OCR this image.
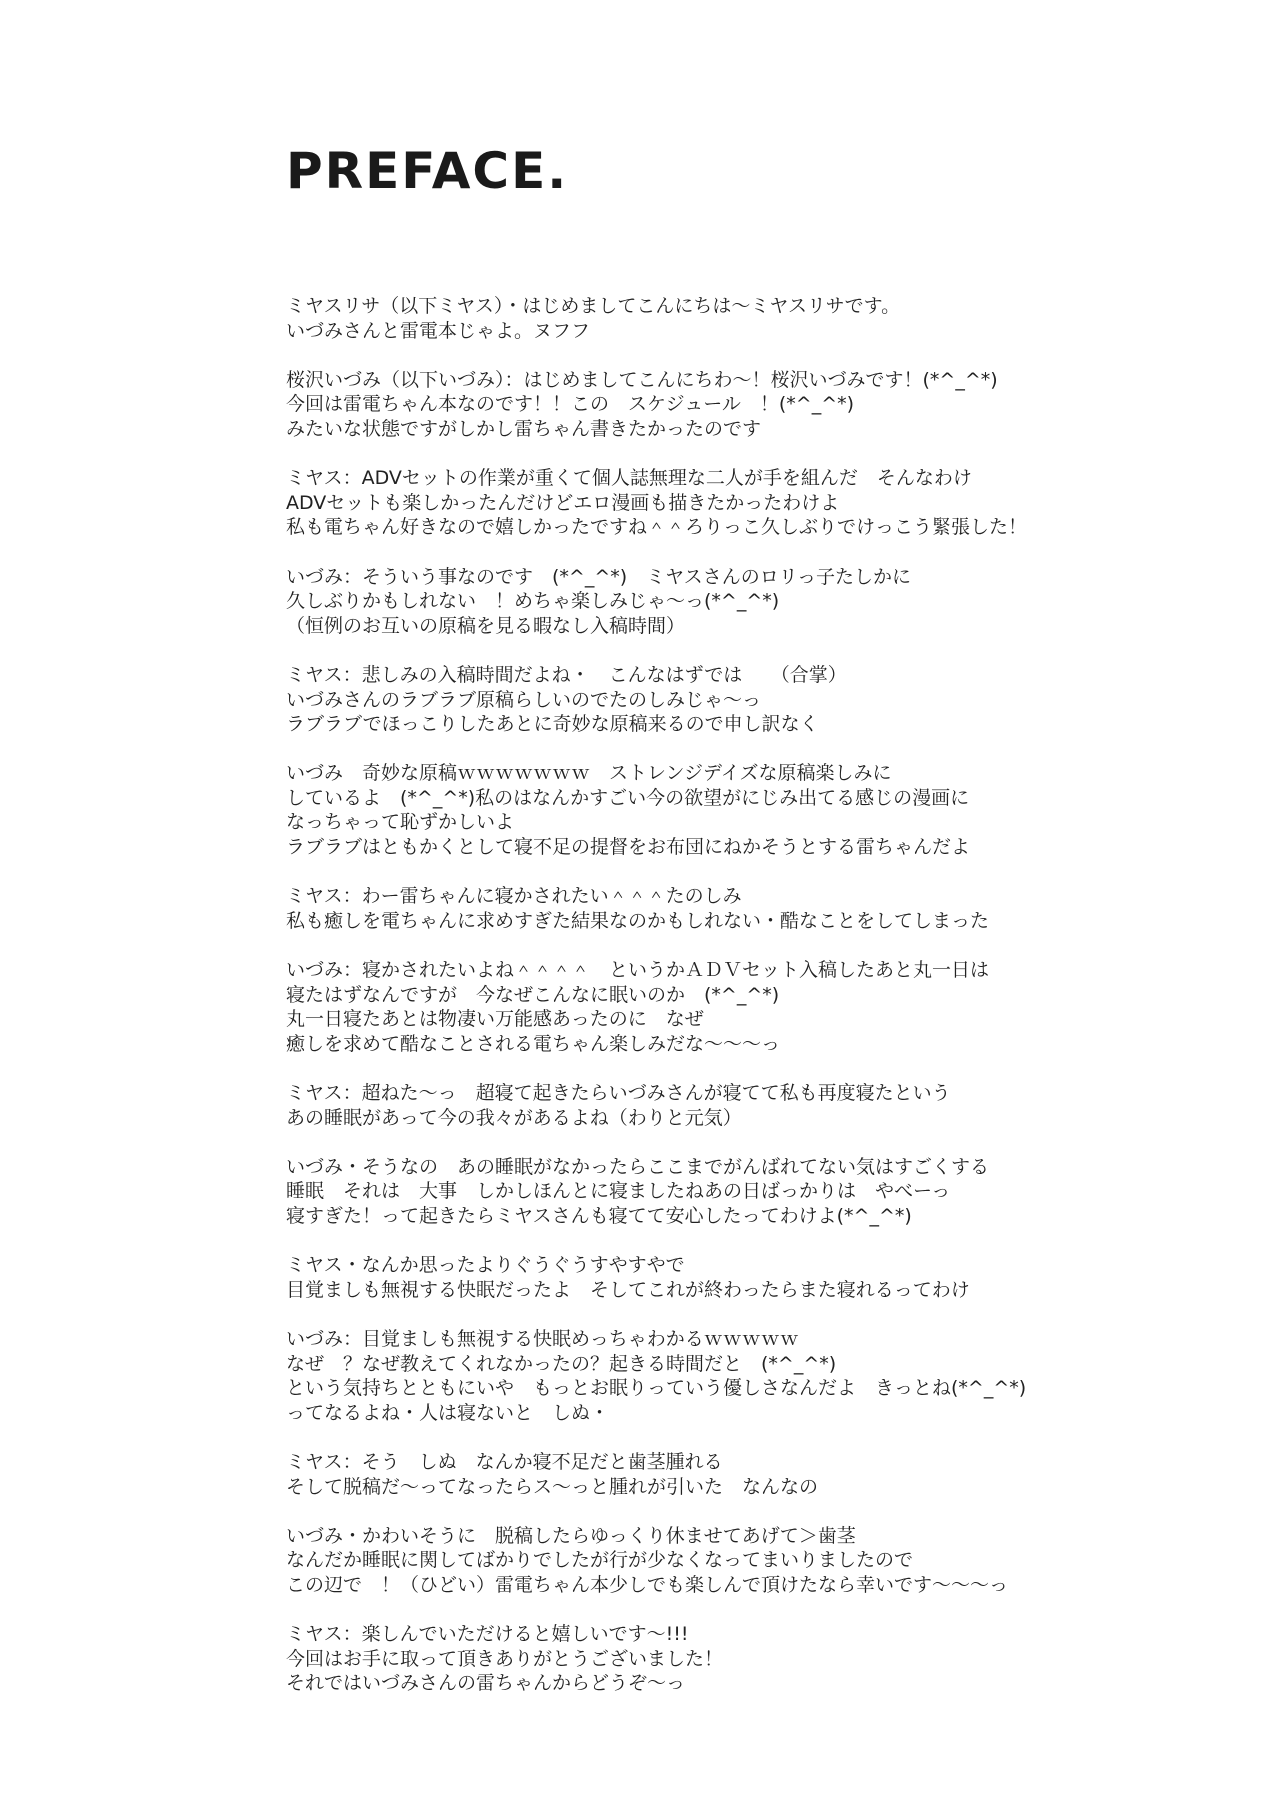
PREFACE.
ミヤスリサ（以下ミヤス）・はじめましてこんにちは～ミヤスリサです。
いづみさんと雷電本じゃよ。ヌフフ
桜沢いづみ（以下いづみ）：はじめましてこんにちわ～！桜沢いづみです！(*^_^*)
今回は雷電ちゃん本なのです！！この　スケジュール　！(*^_^*)
みたいな状態ですがしかし雷ちゃん書きたかったのです
ミヤス：ADVセットの作業が重くて個人誌無理な二人が手を組んだ　そんなわけ
ADVセットも楽しかったんだけどエロ漫画も描きたかったわけよ
私も電ちゃん好きなので嬉しかったですね＾＾ろりっこ久しぶりでけっこう緊張した！
いづみ：そういう事なのです　(*^_^*)　ミヤスさんのロリっ子たしかに
久しぶりかもしれない　！めちゃ楽しみじゃ～っ(*^_^*)
（恒例のお互いの原稿を見る暇なし入稿時間）
ミヤス：悲しみの入稿時間だよね・　こんなはずでは　　（合掌）
いづみさんのラブラブ原稿らしいのでたのしみじゃ～っ
ラブラブでほっこりしたあとに奇妙な原稿来るので申し訳なく
いづみ　奇妙な原稿ｗｗｗｗｗｗｗ　ストレンジデイズな原稿楽しみに
しているよ　(*^_^*)私のはなんかすごい今の欲望がにじみ出てる感じの漫画に
なっちゃって恥ずかしいよ
ラブラブはともかくとして寝不足の提督をお布団にねかそうとする雷ちゃんだよ
ミヤス：わー雷ちゃんに寝かされたい＾＾＾たのしみ
私も癒しを電ちゃんに求めすぎた結果なのかもしれない・酷なことをしてしまった
いづみ：寝かされたいよね＾＾＾＾　というかＡＤＶセット入稿したあと丸一日は
寝たはずなんですが　今なぜこんなに眠いのか　(*^_^*)
丸一日寝たあとは物凄い万能感あったのに　なぜ
癒しを求めて酷なことされる電ちゃん楽しみだな～～～っ
ミヤス：超ねた～っ　超寝て起きたらいづみさんが寝てて私も再度寝たという
あの睡眠があって今の我々があるよね（わりと元気）
いづみ・そうなの　あの睡眠がなかったらここまでがんばれてない気はすごくする
睡眠　それは　大事　しかしほんとに寝ましたねあの日ばっかりは　やべーっ
寝すぎた！って起きたらミヤスさんも寝てて安心したってわけよ(*^_^*)
ミヤス・なんか思ったよりぐうぐうすやすやで
目覚ましも無視する快眠だったよ　そしてこれが終わったらまた寝れるってわけ
いづみ：目覚ましも無視する快眠めっちゃわかるｗｗｗｗｗ
なぜ　？なぜ教えてくれなかったの？起きる時間だと　(*^_^*)
という気持ちとともにいや　もっとお眠りっていう優しさなんだよ　きっとね(*^_^*)
ってなるよね・人は寝ないと　しぬ・
ミヤス：そう　しぬ　なんか寝不足だと歯茎腫れる
そして脱稿だ～ってなったらス～っと腫れが引いた　なんなの
いづみ・かわいそうに　脱稿したらゆっくり休ませてあげて＞歯茎
なんだか睡眠に関してばかりでしたが行が少なくなってまいりましたので
この辺で　！（ひどい）雷電ちゃん本少しでも楽しんで頂けたなら幸いです～～～っ
ミヤス：楽しんでいただけると嬉しいです～!!!
今回はお手に取って頂きありがとうございました！
それではいづみさんの雷ちゃんからどうぞ～っ
